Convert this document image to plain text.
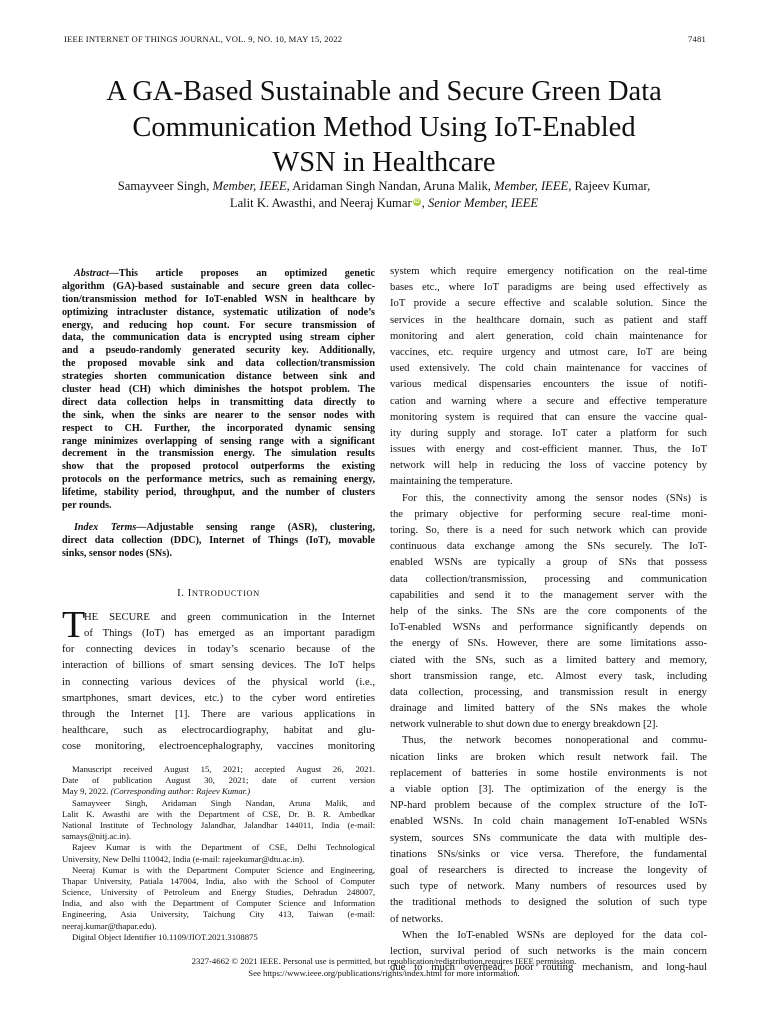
IEEE INTERNET OF THINGS JOURNAL, VOL. 9, NO. 10, MAY 15, 2022	7481
A GA-Based Sustainable and Secure Green Data
Communication Method Using IoT-Enabled
WSN in Healthcare
Samayveer Singh, Member, IEEE, Aridaman Singh Nandan, Aruna Malik, Member, IEEE, Rajeev Kumar,
Lalit K. Awasthi, and Neeraj Kumar iD , Senior Member, IEEE
Abstract—This article proposes an optimized genetic
algorithm (GA)-based sustainable and secure green data collec-
tion/transmission method for IoT-enabled WSN in healthcare by
optimizing intracluster distance, systematic utilization of node’s
energy, and reducing hop count. For secure transmission of
data, the communication data is encrypted using stream cipher
and a pseudo-randomly generated security key. Additionally,
the proposed movable sink and data collection/transmission
strategies shorten communication distance between sink and
cluster head (CH) which diminishes the hotspot problem. The
direct data collection helps in transmitting data directly to
the sink, when the sinks are nearer to the sensor nodes with
respect to CH. Further, the incorporated dynamic sensing
range minimizes overlapping of sensing range with a significant
decrement in the transmission energy. The simulation results
show that the proposed protocol outperforms the existing
protocols on the performance metrics, such as remaining energy,
lifetime, stability period, throughput, and the number of clusters
per rounds.
Index Terms—Adjustable sensing range (ASR), clustering,
direct data collection (DDC), Internet of Things (IoT), movable
sinks, sensor nodes (SNs).
I. INTRODUCTION
T
HE SECURE and green communication in the Internet
of Things (IoT) has emerged as an important paradigm
for connecting devices in today’s scenario because of the
interaction of billions of smart sensing devices. The IoT helps
in connecting various devices of the physical world (i.e.,
smartphones, smart devices, etc.) to the cyber word entireties
through the Internet [1]. There are various applications in
healthcare, such as electrocardiography, habitat and glu-
cose monitoring, electroencephalography, vaccines monitoring
Manuscript received August 15, 2021; accepted August 26, 2021.
Date of publication August 30, 2021; date of current version
May 9, 2022. (Corresponding author: Rajeev Kumar.)
Samayveer Singh, Aridaman Singh Nandan, Aruna Malik, and
Lalit K. Awasthi are with the Department of CSE, Dr. B. R. Ambedkar
National Institute of Technology Jalandhar, Jalandhar 144011, India (e-mail:
samays@nitj.ac.in).
Rajeev Kumar is with the Department of CSE, Delhi Technological
University, New Delhi 110042, India (e-mail: rajeekumar@dtu.ac.in).
Neeraj Kumar is with the Department Computer Science and Engineering,
Thapar University, Patiala 147004, India, also with the School of Computer
Science, University of Petroleum and Energy Studies, Dehradun 248007,
India, and also with the Department of Computer Science and Information
Engineering, Asia University, Taichung City 413, Taiwan (e-mail:
neeraj.kumar@thapar.edu).
Digital Object Identifier 10.1109/JIOT.2021.3108875
system which require emergency notification on the real-time
bases etc., where IoT paradigms are being used effectively as
IoT provide a secure effective and scalable solution. Since the
services in the healthcare domain, such as patient and staff
monitoring and alert generation, cold chain maintenance for
vaccines, etc. require urgency and utmost care, IoT are being
used extensively. The cold chain maintenance for vaccines of
various medical dispensaries encounters the issue of notifi-
cation and warning where a secure and effective temperature
monitoring system is required that can ensure the vaccine qual-
ity during supply and storage. IoT cater a platform for such
issues with energy and cost-efficient manner. Thus, the IoT
network will help in reducing the loss of vaccine potency by
maintaining the temperature.
For this, the connectivity among the sensor nodes (SNs) is
the primary objective for performing secure real-time moni-
toring. So, there is a need for such network which can provide
continuous data exchange among the SNs securely. The IoT-
enabled WSNs are typically a group of SNs that possess
data collection/transmission, processing and communication
capabilities and send it to the management server with the
help of the sinks. The SNs are the core components of the
IoT-enabled WSNs and performance significantly depends on
the energy of SNs. However, there are some limitations asso-
ciated with the SNs, such as a limited battery and memory,
short transmission range, etc. Almost every task, including
data collection, processing, and transmission result in energy
drainage and limited battery of the SNs makes the whole
network vulnerable to shut down due to energy breakdown [2].
Thus, the network becomes nonoperational and commu-
nication links are broken which result network fail. The
replacement of batteries in some hostile environments is not
a viable option [3]. The optimization of the energy is the
NP-hard problem because of the complex structure of the IoT-
enabled WSNs. In cold chain management IoT-enabled WSNs
system, sources SNs communicate the data with multiple des-
tinations SNs/sinks or vice versa. Therefore, the fundamental
goal of researchers is directed to increase the longevity of
such type of network. Many numbers of resources used by
the traditional methods to designed the solution of such type
of networks.
When the IoT-enabled WSNs are deployed for the data col-
lection, survival period of such networks is the main concern
due to much overhead, poor routing mechanism, and long-haul
2327-4662 © 2021 IEEE. Personal use is permitted, but republication/redistribution requires IEEE permission.
See https://www.ieee.org/publications/rights/index.html for more information.
